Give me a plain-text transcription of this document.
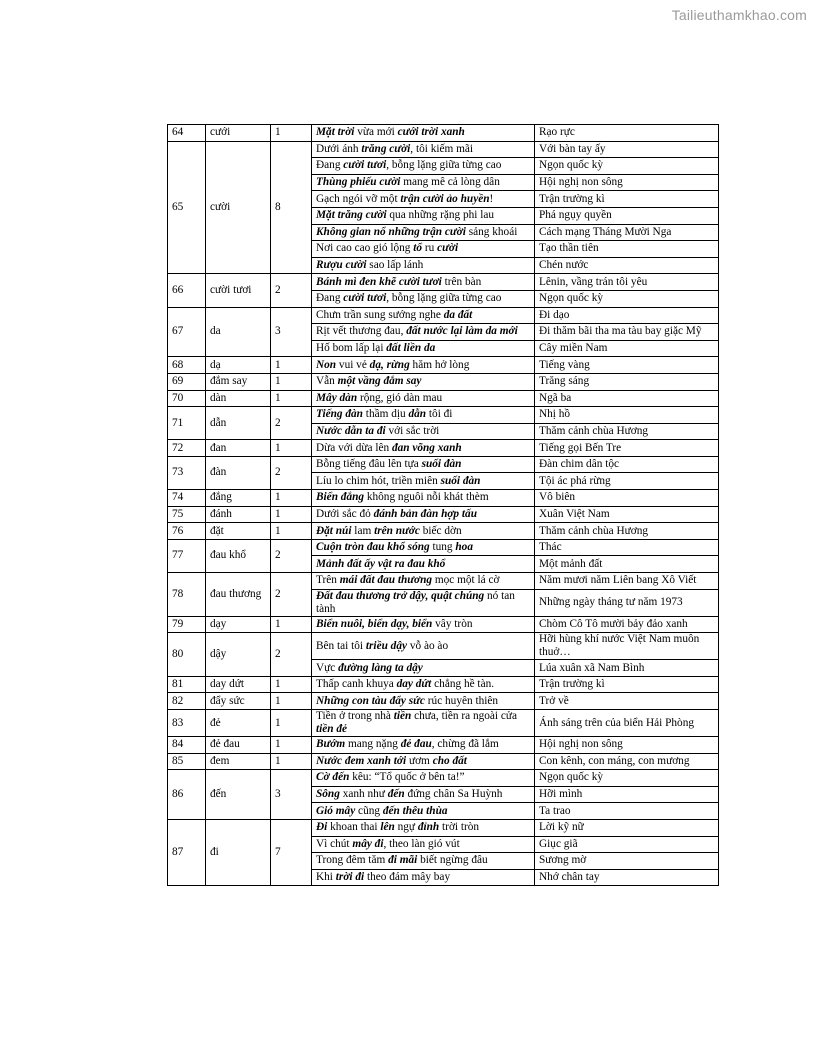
Tailieuthamkhao.com
64	cưới	1	Mặt trời vừa mới cưới trời xanh	Rạo rực
65	cười	8	Dưới ánh trăng cười, tôi kiếm mãi	Với bàn tay ấy
			Đang cười tươi, bỗng lặng giữa từng cao	Ngọn quốc kỳ
			Thùng phiếu cười mang mê cả lòng dân	Hội nghị non sông
			Gạch ngói vỡ một trận cười ảo huyền!	Trận trường kì
			Mặt trăng cười qua những rặng phi lau	Phá ngụy quyền
			Không gian nổ những trận cười sảng khoái	Cách mạng Tháng Mười Nga
			Nơi cao cao gió lộng tổ ru cười	Tạo thần tiên
			Rượu cười sao lấp lánh	Chén nước
66	cười tươi	2	Bánh mì đen khẽ cười tươi trên bàn	Lênin, vầng trán tôi yêu
			Đang cười tươi, bỗng lặng giữa từng cao	Ngọn quốc kỳ
67	da	3	Chưn trần sung sướng nghe da đất	Đi dạo
			Rịt vết thương đau, đất nước lại làm da mới	Đi thăm bãi tha ma tàu bay giặc Mỹ
			Hố bom lấp lại đất liền da	Cây miền Nam
68	dạ	1	Non vui vẻ dạ, rừng hăm hở lòng	Tiếng vàng
69	đắm say	1	Vẫn một vầng đắm say	Trăng sáng
70	dàn	1	Mây dàn rộng, gió dàn mau	Ngã ba
71	dẫn	2	Tiếng đàn thầm dịu dẫn tôi đi	Nhị hồ
			Nước dẫn ta đi với sắc trời	Thăm cảnh chùa Hương
72	đan	1	Dừa với dừa lên đan võng xanh	Tiếng gọi Bến Tre
73	đàn	2	Bỗng tiếng đâu lên tựa suối đàn	Đàn chim dân tộc
			Líu lo chim hót, triền miên suối đàn	Tội ác phá rừng
74	đắng	1	Biển đắng không nguôi nỗi khát thèm	Vô biên
75	đánh	1	Dưới sắc đỏ đánh bản đàn hợp tấu	Xuân Việt Nam
76	đặt	1	Đặt núi lam trên nước biếc dờn	Thăm cảnh chùa Hương
77	đau khổ	2	Cuộn tròn đau khổ sóng tung hoa	Thác
			Mảnh đất ấy vật ra đau khổ	Một mảnh đất
78	đau thương	2	Trên mái đất đau thương mọc một lá cờ	Năm mươi năm Liên bang Xô Viết
			Đất đau thương trở dậy, quật chúng nó tan tành	Những ngày tháng tư năm 1973
79	dạy	1	Biển nuôi, biển dạy, biển vây tròn	Chòm Cô Tô mười bảy đảo xanh
80	dậy	2	Bên tai tôi triều dậy vỗ ào ào	Hỡi hùng khí nước Việt Nam muôn thuở…
			Vực đường làng ta dậy	Lúa xuân xã Nam Bình
81	day dứt	1	Thấp canh khuya day dứt chẳng hề tàn.	Trận trường kì
82	đẩy sức	1	Những con tàu đẩy sức rúc huyên thiên	Trở về
83	đẻ	1	Tiền ở trong nhà tiền chưa, tiền ra ngoài cửa tiền đẻ	Ánh sáng trên của biển Hải Phòng
84	đẻ đau	1	Bướm mang nặng đẻ đau, chừng đã lắm	Hội nghị non sông
85	đem	1	Nước đem xanh tới ươm cho đất	Con kênh, con máng, con mương
86	đến	3	Cờ đến kêu: “Tổ quốc ở bên ta!”	Ngọn quốc kỳ
			Sông xanh như đến đứng chân Sa Huỳnh	Hỡi mình
			Gió mây cũng đến thêu thùa	Ta trao
87	đi	7	Đi khoan thai lên ngự đỉnh trời tròn	Lời kỹ nữ
			Vì chút mây đi, theo làn gió vút	Giục giã
			Trong đêm tăm đi mãi biết ngừng đâu	Sương mờ
			Khi trời đi theo đám mây bay	Nhớ chân tay
